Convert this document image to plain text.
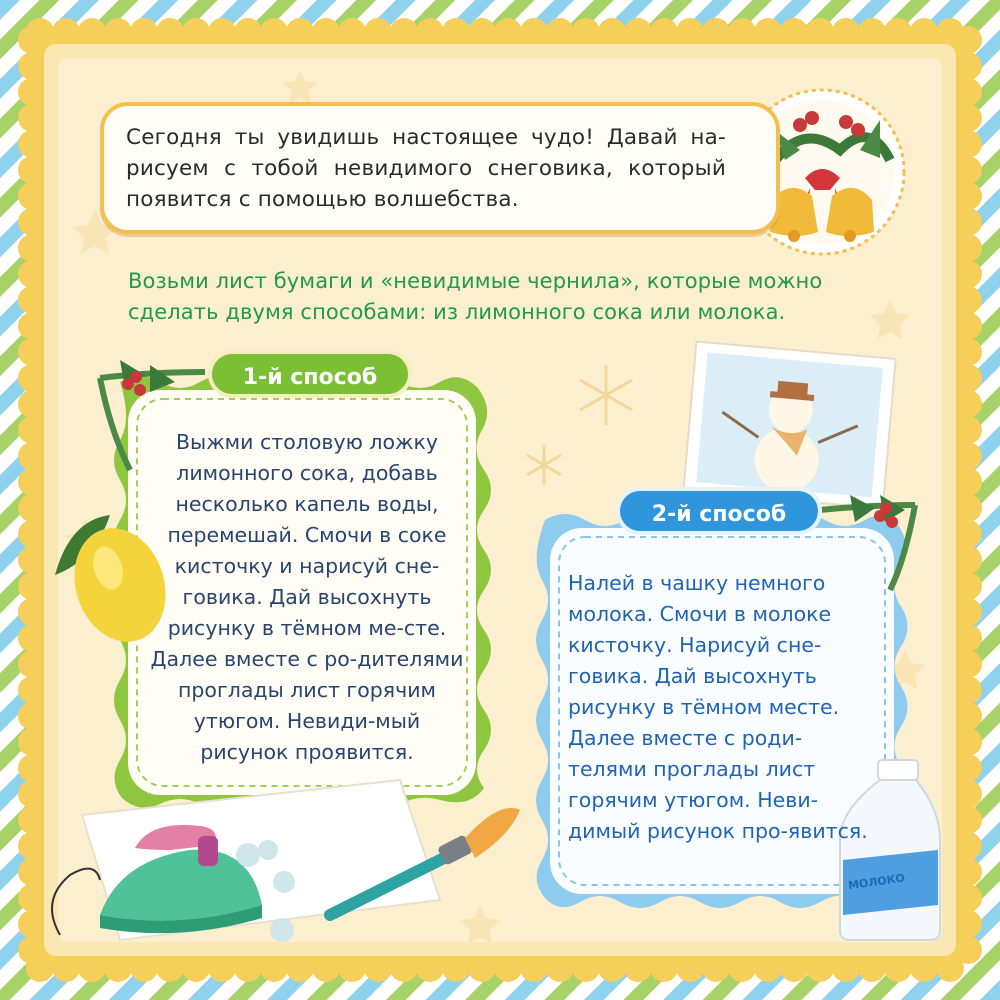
Сегодня ты увидишь настоящее чудо! Давай на-рисуем с тобой невидимого снеговика, который появится с помощью волшебства.
Возьми лист бумаги и «невидимые чернила», которые можно сделать двумя способами: из лимонного сока или молока.
1-й способ
Выжми столовую ложку лимонного сока, добавь несколько капель воды, перемешай. Смочи в соке кисточку и нарисуй сне-говика. Дай высохнуть рисунку в тёмном ме-сте. Далее вместе с ро-дителями проглады лист горячим утюгом. Невиди-мый рисунок проявится.
2-й способ
Налей в чашку немного молока. Смочи в молоке кисточку. Нарисуй сне-говика. Дай высохнуть рисунку в тёмном месте. Далее вместе с роди-телями проглады лист горячим утюгом. Неви-димый рисунок про-явится.
МОЛОКО
